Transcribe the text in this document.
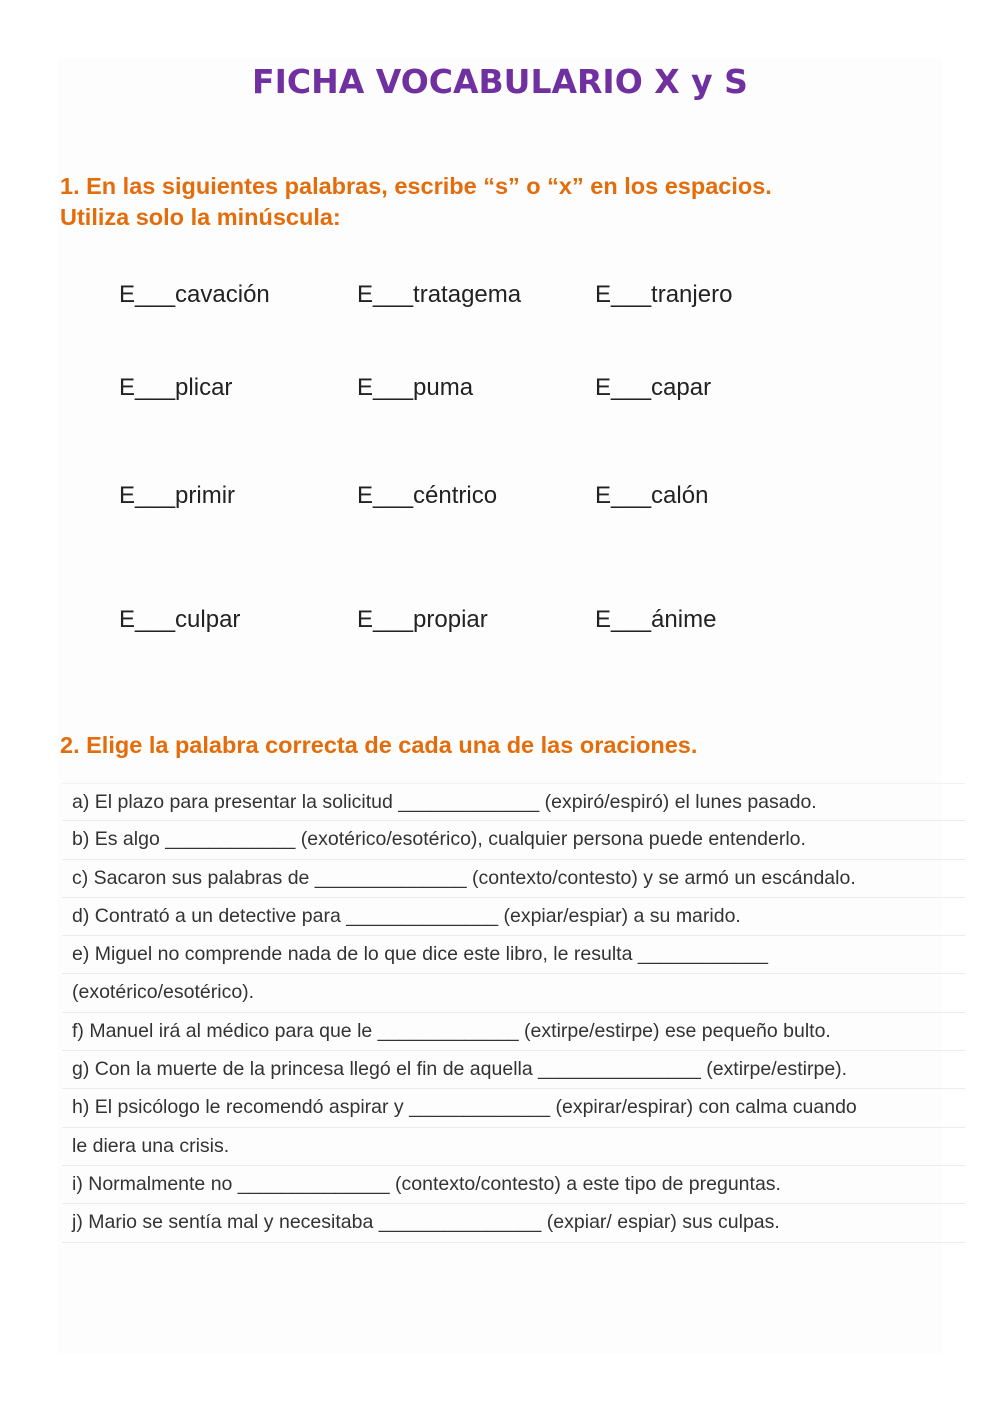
FICHA VOCABULARIO X y S
1. En las siguientes palabras, escribe “s” o “x” en los espacios.
Utiliza solo la minúscula:
E___cavación	E___tratagema	E___tranjero
E___plicar	E___puma	E___capar
E___primir	E___céntrico	E___calón
E___culpar	E___propiar	E___ánime
2. Elige la palabra correcta de cada una de las oraciones.
a) El plazo para presentar la solicitud _____________ (expiró/espiró) el lunes pasado.
b) Es algo ____________ (exotérico/esotérico), cualquier persona puede entenderlo.
c) Sacaron sus palabras de ______________ (contexto/contesto) y se armó un escándalo.
d) Contrató a un detective para ______________ (expiar/espiar) a su marido.
e) Miguel no comprende nada de lo que dice este libro, le resulta ____________
(exotérico/esotérico).
f) Manuel irá al médico para que le _____________ (extirpe/estirpe) ese pequeño bulto.
g) Con la muerte de la princesa llegó el fin de aquella _______________ (extirpe/estirpe).
h) El psicólogo le recomendó aspirar y _____________ (expirar/espirar) con calma cuando
le diera una crisis.
i) Normalmente no ______________ (contexto/contesto) a este tipo de preguntas.
j) Mario se sentía mal y necesitaba _______________ (expiar/ espiar) sus culpas.
